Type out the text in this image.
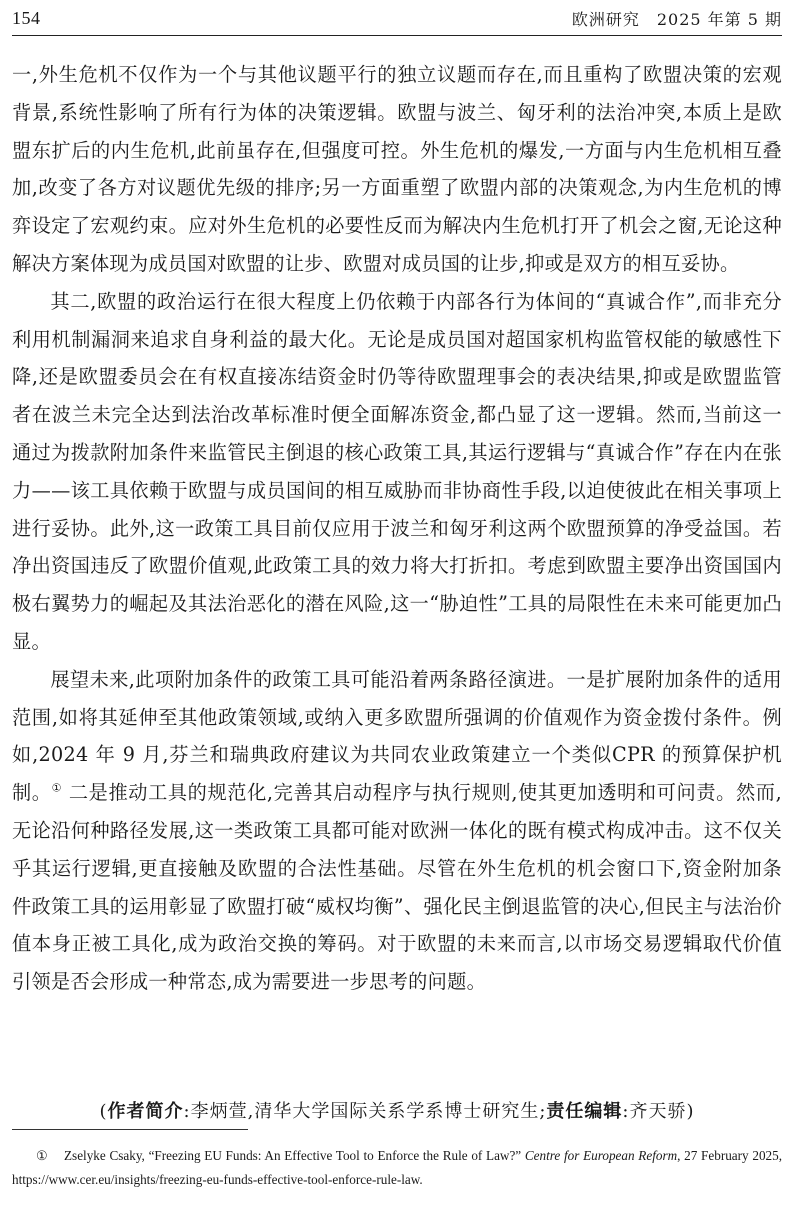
154	欧洲研究　2025 年第 5 期

一,外生危机不仅作为一个与其他议题平行的独立议题而存在,而且重构了欧盟决策的宏观背景,系统性影响了所有行为体的决策逻辑。欧盟与波兰、匈牙利的法治冲突,本质上是欧盟东扩后的内生危机,此前虽存在,但强度可控。外生危机的爆发,一方面与内生危机相互叠加,改变了各方对议题优先级的排序;另一方面重塑了欧盟内部的决策观念,为内生危机的博弈设定了宏观约束。应对外生危机的必要性反而为解决内生危机打开了机会之窗,无论这种解决方案体现为成员国对欧盟的让步、欧盟对成员国的让步,抑或是双方的相互妥协。

其二,欧盟的政治运行在很大程度上仍依赖于内部各行为体间的“真诚合作”,而非充分利用机制漏洞来追求自身利益的最大化。无论是成员国对超国家机构监管权能的敏感性下降,还是欧盟委员会在有权直接冻结资金时仍等待欧盟理事会的表决结果,抑或是欧盟监管者在波兰未完全达到法治改革标准时便全面解冻资金,都凸显了这一逻辑。然而,当前这一通过为拨款附加条件来监管民主倒退的核心政策工具,其运行逻辑与“真诚合作”存在内在张力——该工具依赖于欧盟与成员国间的相互威胁而非协商性手段,以迫使彼此在相关事项上进行妥协。此外,这一政策工具目前仅应用于波兰和匈牙利这两个欧盟预算的净受益国。若净出资国违反了欧盟价值观,此政策工具的效力将大打折扣。考虑到欧盟主要净出资国国内极右翼势力的崛起及其法治恶化的潜在风险,这一“胁迫性”工具的局限性在未来可能更加凸显。

展望未来,此项附加条件的政策工具可能沿着两条路径演进。一是扩展附加条件的适用范围,如将其延伸至其他政策领域,或纳入更多欧盟所强调的价值观作为资金拨付条件。例如,2024 年 9 月,芬兰和瑞典政府建议为共同农业政策建立一个类似CPR 的预算保护机制。① 二是推动工具的规范化,完善其启动程序与执行规则,使其更加透明和可问责。然而,无论沿何种路径发展,这一类政策工具都可能对欧洲一体化的既有模式构成冲击。这不仅关乎其运行逻辑,更直接触及欧盟的合法性基础。尽管在外生危机的机会窗口下,资金附加条件政策工具的运用彰显了欧盟打破“威权均衡”、强化民主倒退监管的决心,但民主与法治价值本身正被工具化,成为政治交换的筹码。对于欧盟的未来而言,以市场交易逻辑取代价值引领是否会形成一种常态,成为需要进一步思考的问题。

(作者简介:李炳萱,清华大学国际关系学系博士研究生;责任编辑:齐天骄)
① Zselyke Csaky, “Freezing EU Funds: An Effective Tool to Enforce the Rule of Law?” Centre for European Reform, 27 February 2025, https://www.cer.eu/insights/freezing-eu-funds-effective-tool-enforce-rule-law.
